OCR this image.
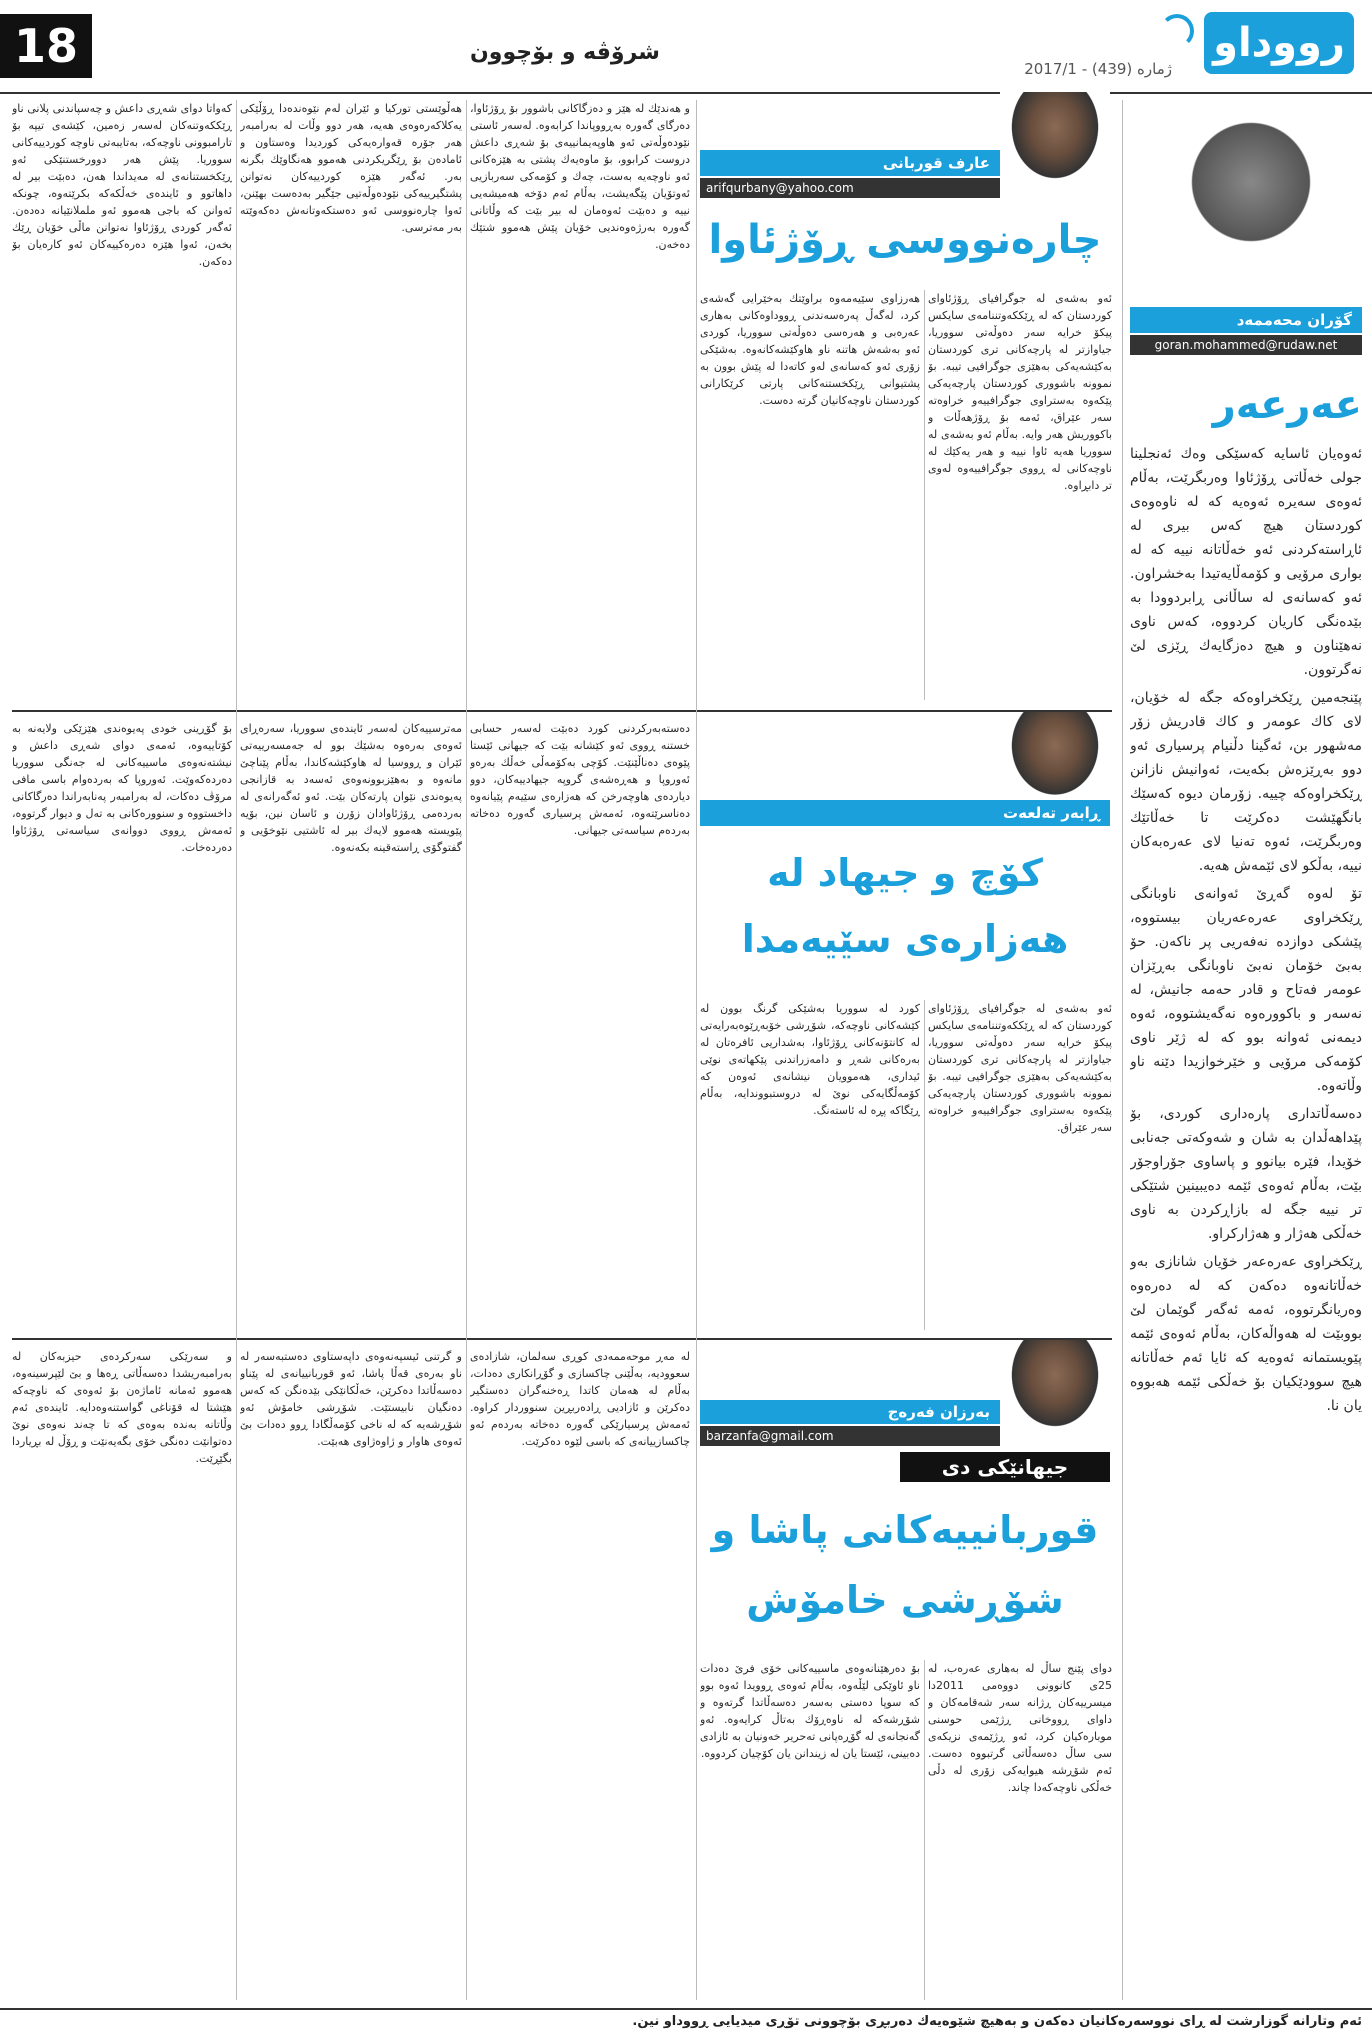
رووداو
ژمارە (439) - 2017/1
شرۆڤە و بۆچوون
18
گۆران محەممەد
goran.mohammed@rudaw.net
عەرعەر

ئەوەیان ئاسایە كەسێكی وەك ئەنجلینا جولی خەڵاتی ڕۆژئاوا وەربگرێت، بەڵام ئەوەی سەیرە ئەوەیە كە لە ناوەوەی كوردستان هیچ كەس بیری لە ئاڕاستەكردنی ئەو خەڵاتانە نییە كە لە بواری مرۆیی و كۆمەڵایەتیدا بەخشراون. ئەو كەسانەی لە ساڵانی ڕابردوودا بە بێدەنگی كاریان كردووە، كەس ناوی نەهێناون و هیچ دەزگایەك ڕێزی لێ نەگرتوون.

پێنجەمین ڕێكخراوەكە جگە لە خۆیان، لای كاك عومەر و كاك قادریش زۆر مەشهور بن، ئەگینا دڵنیام پرسیاری ئەو دوو بەڕێزەش بكەیت، ئەوانیش نازانن ڕێكخراوەكە چییە. زۆرمان دیوە كەسێك بانگهێشت دەكرێت تا خەڵاتێك وەربگرێت، ئەوە تەنیا لای عەرەبەكان نییە، بەڵكو لای ئێمەش هەیە.

تۆ لەوە گەڕێ ئەوانەی ناوبانگی ڕێكخراوی عەرەعەریان بیستووە، پێشكی دوازدە نەفەریی پر ناكەن. حۆ بەبێ خۆمان نەبێ ناوبانگی بەڕێزان عومەر فەتاح و قادر حەمە جانیش، لە نەسەر و باكوورەوە نەگەیشتووە، ئەوە دیمەنی ئەوانە بوو كە لە ژێر ناوی كۆمەكی مرۆیی و خێرخوازیدا دێنە ناو وڵاتەوە.

دەسەڵاتداری پارەداری كوردی، بۆ پێداهەڵدان بە شان و شەوكەتی جەنابی خۆیدا، فێرە بیانوو و پاساوی جۆراوجۆر بێت، بەڵام ئەوەی ئێمە دەیبینین شتێكی تر نییە جگە لە بازاڕكردن بە ناوی خەڵكی هەژار و هەژاركراو.

ڕێكخراوی عەرەعەر خۆیان شانازی بەو خەڵاتانەوە دەكەن كە لە دەرەوە وەریانگرتووە، ئەمە ئەگەر گوێمان لێ بووبێت لە هەواڵەكان، بەڵام ئەوەی ئێمە پێویستمانە ئەوەیە كە ئایا ئەم خەڵاتانە هیچ سوودێكیان بۆ خەڵكی ئێمە هەبووە یان نا.

عارف قوربانی
arifqurbany@yahoo.com
چارەنووسی ڕۆژئاوا
ئەو بەشەی لە جوگرافیای ڕۆژئاوای كوردستان كە لە ڕێككەوتننامەی سایكس پیكۆ خرایە سەر دەوڵەتی سووریا، جیاوازتر لە پارچەكانی تری كوردستان بەكێشەیەكی بەهێزی جوگرافیی تیبە. بۆ نموونە باشووری كوردستان پارچەیەكی پێكەوە بەستراوی جوگرافییەو خراوەتە سەر عێراق، ئەمە بۆ ڕۆژهەڵات و باكووریش هەر وایە. بەڵام ئەو بەشەی لە سووریا هەیە ئاوا نییە و هەر یەكێك لە ناوچەكانی لە ڕووی جوگرافییەوە لەوی تر دابڕاوە.
هەرزاوی سێیەمەوە براوێتك بەخێرایی گەشەی كرد، لەگەڵ پەرەسەندنی ڕووداوەكانی بەهاری عەرەبی و هەرەسی دەوڵەتی سووریا، كوردی ئەو بەشەش هاتنە ناو هاوكێشەكانەوە. بەشێكی زۆری ئەو كەسانەی لەو كاتەدا لە پێش بوون بە پشتیوانی ڕێكخستنەكانی پارتی كرێكارانی كوردستان ناوچەكانیان گرتە دەست.
و هەندێك لە هێز و دەزگاكانی باشوور بۆ ڕۆژئاوا، دەرگای گەورە بەڕووپاندا كرابەوە. لەسەر ئاستی نێودەوڵەتی ئەو هاوپەیمانییەی بۆ شەڕی داعش دروست كرابوو، بۆ ماوەیەك پشتی بە هێزەكانی ئەو ناوچەیە بەست، چەك و كۆمەكی سەربازیی ئەوتۆیان پێگەیشت، بەڵام ئەم دۆخە هەمیشەیی نییە و دەبێت ئەوەمان لە بیر بێت كە وڵاتانی گەورە بەرژەوەندیی خۆیان پێش هەموو شتێك دەخەن.
هەڵوێستی توركیا و ئێران لەم نێوەندەدا ڕۆڵێكی یەكلاكەرەوەی هەیە، هەر دوو وڵات لە بەرامبەر هەر جۆرە قەوارەیەكی كوردیدا وەستاون و ئامادەن بۆ ڕێگریكردنی هەموو هەنگاوێك بگرنە بەر. ئەگەر هێزە كوردییەكان نەتوانن پشتگیرییەكی نێودەوڵەتیی جێگیر بەدەست بهێنن، ئەوا چارەنووسی ئەو دەستكەوتانەش دەكەوێتە بەر مەترسی.
كەواتا دوای شەڕی داعش و چەسپاندنی پلانی ناو ڕێككەوتنەكان لەسەر زەمین، كێشەی تیپە بۆ تارامبوونی ناوچەكە، بەتایبەتی ناوچە كوردییەكانی سووریا. پێش هەر دوورخستنێكی ئەو ڕێكخستنانەی لە مەیداندا هەن، دەبێت بیر لە داهاتوو و ئایندەی خەڵكەكە بكرێتەوە، چونكە ئەوانن كە باجی هەموو ئەو ململانێیانە دەدەن. ئەگەر كوردی ڕۆژئاوا نەتوانن ماڵی خۆیان ڕێك بخەن، ئەوا هێزە دەرەكییەكان ئەو كارەیان بۆ دەكەن.
ڕابەر تەلعەت
كۆچ و جیهاد لە هەزارەی سێیەمدا
ئەو بەشەی لە جوگرافیای ڕۆژئاوای كوردستان كە لە ڕێككەوتننامەی سایكس پیكۆ خرایە سەر دەوڵەتی سووریا، جیاوازتر لە پارچەكانی تری كوردستان بەكێشەیەكی بەهێزی جوگرافیی تیبە. بۆ نموونە باشووری كوردستان پارچەیەكی پێكەوە بەستراوی جوگرافییەو خراوەتە سەر عێراق.
كورد لە سووریا بەشێكی گرنگ بوون لە كێشەكانی ناوچەكە، شۆڕشی خۆبەڕێوەبەرایەتی لە كانتۆنەكانی ڕۆژئاوا، بەشداریی ئافرەتان لە بەرەكانی شەڕ و دامەزراندنی پێكهاتەی نوێی ئیداری، هەموویان نیشانەی ئەوەن كە كۆمەڵگایەكی نوێ لە دروستبووندایە، بەڵام ڕێگاكە پڕە لە ئاستەنگ.
دەستەبەركردنی كورد دەبێت لەسەر حسابی خستنە ڕووی ئەو كێشانە بێت كە جیهانی ئێستا پێوەی دەناڵێنێت. كۆچی بەكۆمەڵی خەڵك بەرەو ئەوروپا و هەڕەشەی گروپە جیهادییەكان، دوو دیاردەی هاوچەرخن كە هەزارەی سێیەم پێیانەوە دەناسرێتەوە، ئەمەش پرسیاری گەورە دەخاتە بەردەم سیاسەتی جیهانی.
مەترسییەكان لەسەر ئایندەی سووریا، سەرەڕای ئەوەی بەرەوە بەشێك بوو لە جەمسەرییەتی ئێران و ڕووسیا لە هاوكێشەكاندا، بەڵام پێناچێ مانەوە و بەهێزبوونەوەی ئەسەد بە قازانجی پەیوەندی نێوان پارتەكان بێت. ئەو ئەگەرانەی لە بەردەمی ڕۆژئاوادان زۆرن و ئاسان نین، بۆیە پێویستە هەموو لایەك بیر لە ئاشتیی نێوخۆیی و گفتوگۆی ڕاستەقینە بكەنەوە.
بۆ گۆڕینی خودی پەیوەندی هێزێكی ولایەنە بە كۆتاییەوە، ئەمەی دوای شەڕی داعش و نیشتەنەوەی ماسییەكانی لە جەنگی سووریا دەردەكەوێت. ئەوروپا كە بەردەوام باسی مافی مرۆڤ دەكات، لە بەرامبەر پەنابەراندا دەرگاكانی داخستووە و سنوورەكانی بە تەل و دیوار گرتووە، ئەمەش ڕووی دووانەی سیاسەتی ڕۆژئاوا دەردەخات.
بەرزان فەرەج
barzanfa@gmail.com
جیهانێكی دی
قوربانییەكانی پاشا و شۆڕشی خامۆش
دوای پێنج ساڵ لە بەهاری عەرەب، لە 25ی كانوونی دووەمی 2011دا میسرییەكان ڕژانە سەر شەقامەكان و داوای ڕووخانی ڕژێمی حوسنی موبارەكیان كرد، ئەو ڕژێمەی نزیكەی سی ساڵ دەسەڵاتی گرتبووە دەست. ئەم شۆڕشە هیوایەكی زۆری لە دڵی خەڵكی ناوچەكەدا چاند.
بۆ دەرهێنانەوەی ماسییەكانی خۆی فرێ دەدات ناو ئاوێكی لێڵەوە، بەڵام ئەوەی ڕوویدا ئەوە بوو كە سوپا دەستی بەسەر دەسەڵاتدا گرتەوە و شۆڕشەكە لە ناوەڕۆك بەتاڵ كرایەوە. ئەو گەنجانەی لە گۆڕەپانی تەحریر خەونیان بە ئازادی دەبینی، ئێستا یان لە زیندانن یان كۆچیان كردووە.
لە مەڕ موحەممەدی كوڕی سەلمان، شازادەی سعوودیە، بەڵێنی چاكسازی و گۆڕانكاری دەدات، بەڵام لە هەمان كاتدا ڕەخنەگران دەستگیر دەكرێن و ئازادیی ڕادەربڕین سنووردار كراوە. ئەمەش پرسیارێكی گەورە دەخاتە بەردەم ئەو چاكسازییانەی كە باسی لێوە دەكرێت.
و گرتنی ئیسپەنەوەی داپەستاوی دەستبەسەر لە ناو بەرەی قەڵا پاشا، ئەو قوربانییانەی لە پێناو دەسەڵاتدا دەكرێن، خەڵكانێكی بێدەنگن كە كەس دەنگیان نابیستێت. شۆڕشی خامۆش ئەو شۆڕشەیە كە لە ناخی كۆمەڵگادا ڕوو دەدات بێ ئەوەی هاوار و ژاوەژاوی هەبێت.
و سەرێكی سەركردەی حیزبەكان لە بەرامبەریشدا دەسەڵاتی ڕەها و بێ لێپرسینەوە، هەموو ئەمانە ئاماژەن بۆ ئەوەی كە ناوچەكە هێشتا لە قۆناغی گواستنەوەدایە. ئایندەی ئەم وڵاتانە بەندە بەوەی كە تا چەند نەوەی نوێ دەتوانێت دەنگی خۆی بگەیەنێت و ڕۆڵ لە بڕیاردا بگێڕێت.
ئەم وتارانە گوزارشت لە ڕای نووسەرەكانیان دەكەن و بەهیچ شێوەیەك دەربڕی بۆچوونی تۆڕی میدیایی ڕووداو نین.
